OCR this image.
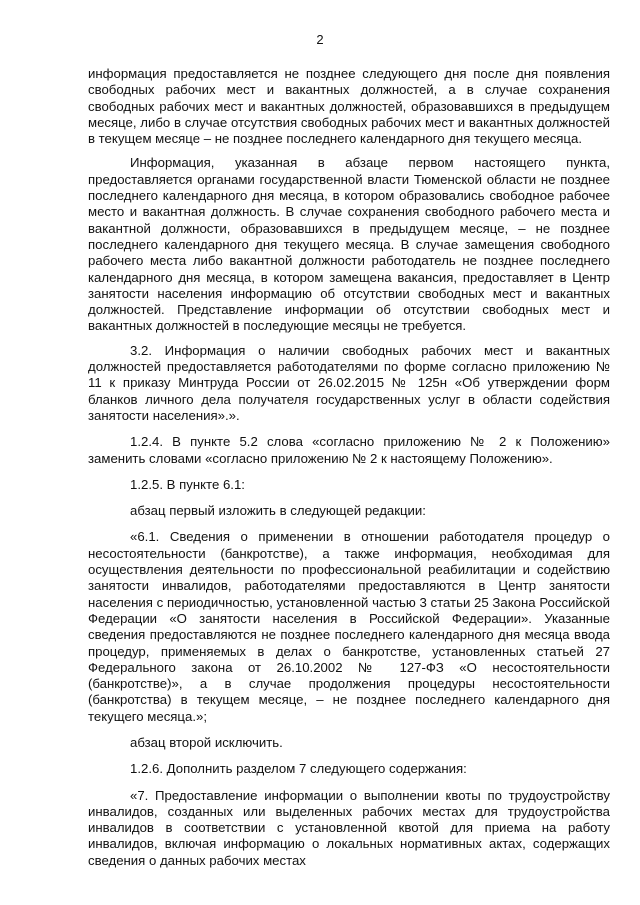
2

информация предоставляется не позднее следующего дня после дня появления свободных рабочих мест и вакантных должностей, а в случае сохранения свободных рабочих мест и вакантных должностей, образовавшихся в предыдущем месяце, либо в случае отсутствия свободных рабочих мест и вакантных должностей в текущем месяце – не позднее последнего календарного дня текущего месяца.

Информация, указанная в абзаце первом настоящего пункта, предоставляется органами государственной власти Тюменской области не позднее последнего календарного дня месяца, в котором образовались свободное рабочее место и вакантная должность. В случае сохранения свободного рабочего места и вакантной должности, образовавшихся в предыдущем месяце, – не позднее последнего календарного дня текущего месяца. В случае замещения свободного рабочего места либо вакантной должности работодатель не позднее последнего календарного дня месяца, в котором замещена вакансия, предоставляет в Центр занятости населения информацию об отсутствии свободных мест и вакантных должностей. Представление информации об отсутствии свободных мест и вакантных должностей в последующие месяцы не требуется.

3.2. Информация о наличии свободных рабочих мест и вакантных должностей предоставляется работодателями по форме согласно приложению № 11 к приказу Минтруда России от 26.02.2015 № 125н «Об утверждении форм бланков личного дела получателя государственных услуг в области содействия занятости населения».».

1.2.4. В пункте 5.2 слова «согласно приложению № 2 к Положению» заменить словами «согласно приложению № 2 к настоящему Положению».

1.2.5. В пункте 6.1:

абзац первый изложить в следующей редакции:

«6.1. Сведения о применении в отношении работодателя процедур о несостоятельности (банкротстве), а также информация, необходимая для осуществления деятельности по профессиональной реабилитации и содействию занятости инвалидов, работодателями предоставляются в Центр занятости населения с периодичностью, установленной частью 3 статьи 25 Закона Российской Федерации «О занятости населения в Российской Федерации». Указанные сведения предоставляются не позднее последнего календарного дня месяца ввода процедур, применяемых в делах о банкротстве, установленных статьей 27 Федерального закона от 26.10.2002 № 127-ФЗ «О несостоятельности (банкротстве)», а в случае продолжения процедуры несостоятельности (банкротства) в текущем месяце, – не позднее последнего календарного дня текущего месяца.»;

абзац второй исключить.

1.2.6. Дополнить разделом 7 следующего содержания:

«7. Предоставление информации о выполнении квоты по трудоустройству инвалидов, созданных или выделенных рабочих местах для трудоустройства инвалидов в соответствии с установленной квотой для приема на работу инвалидов, включая информацию о локальных нормативных актах, содержащих сведения о данных рабочих местах
